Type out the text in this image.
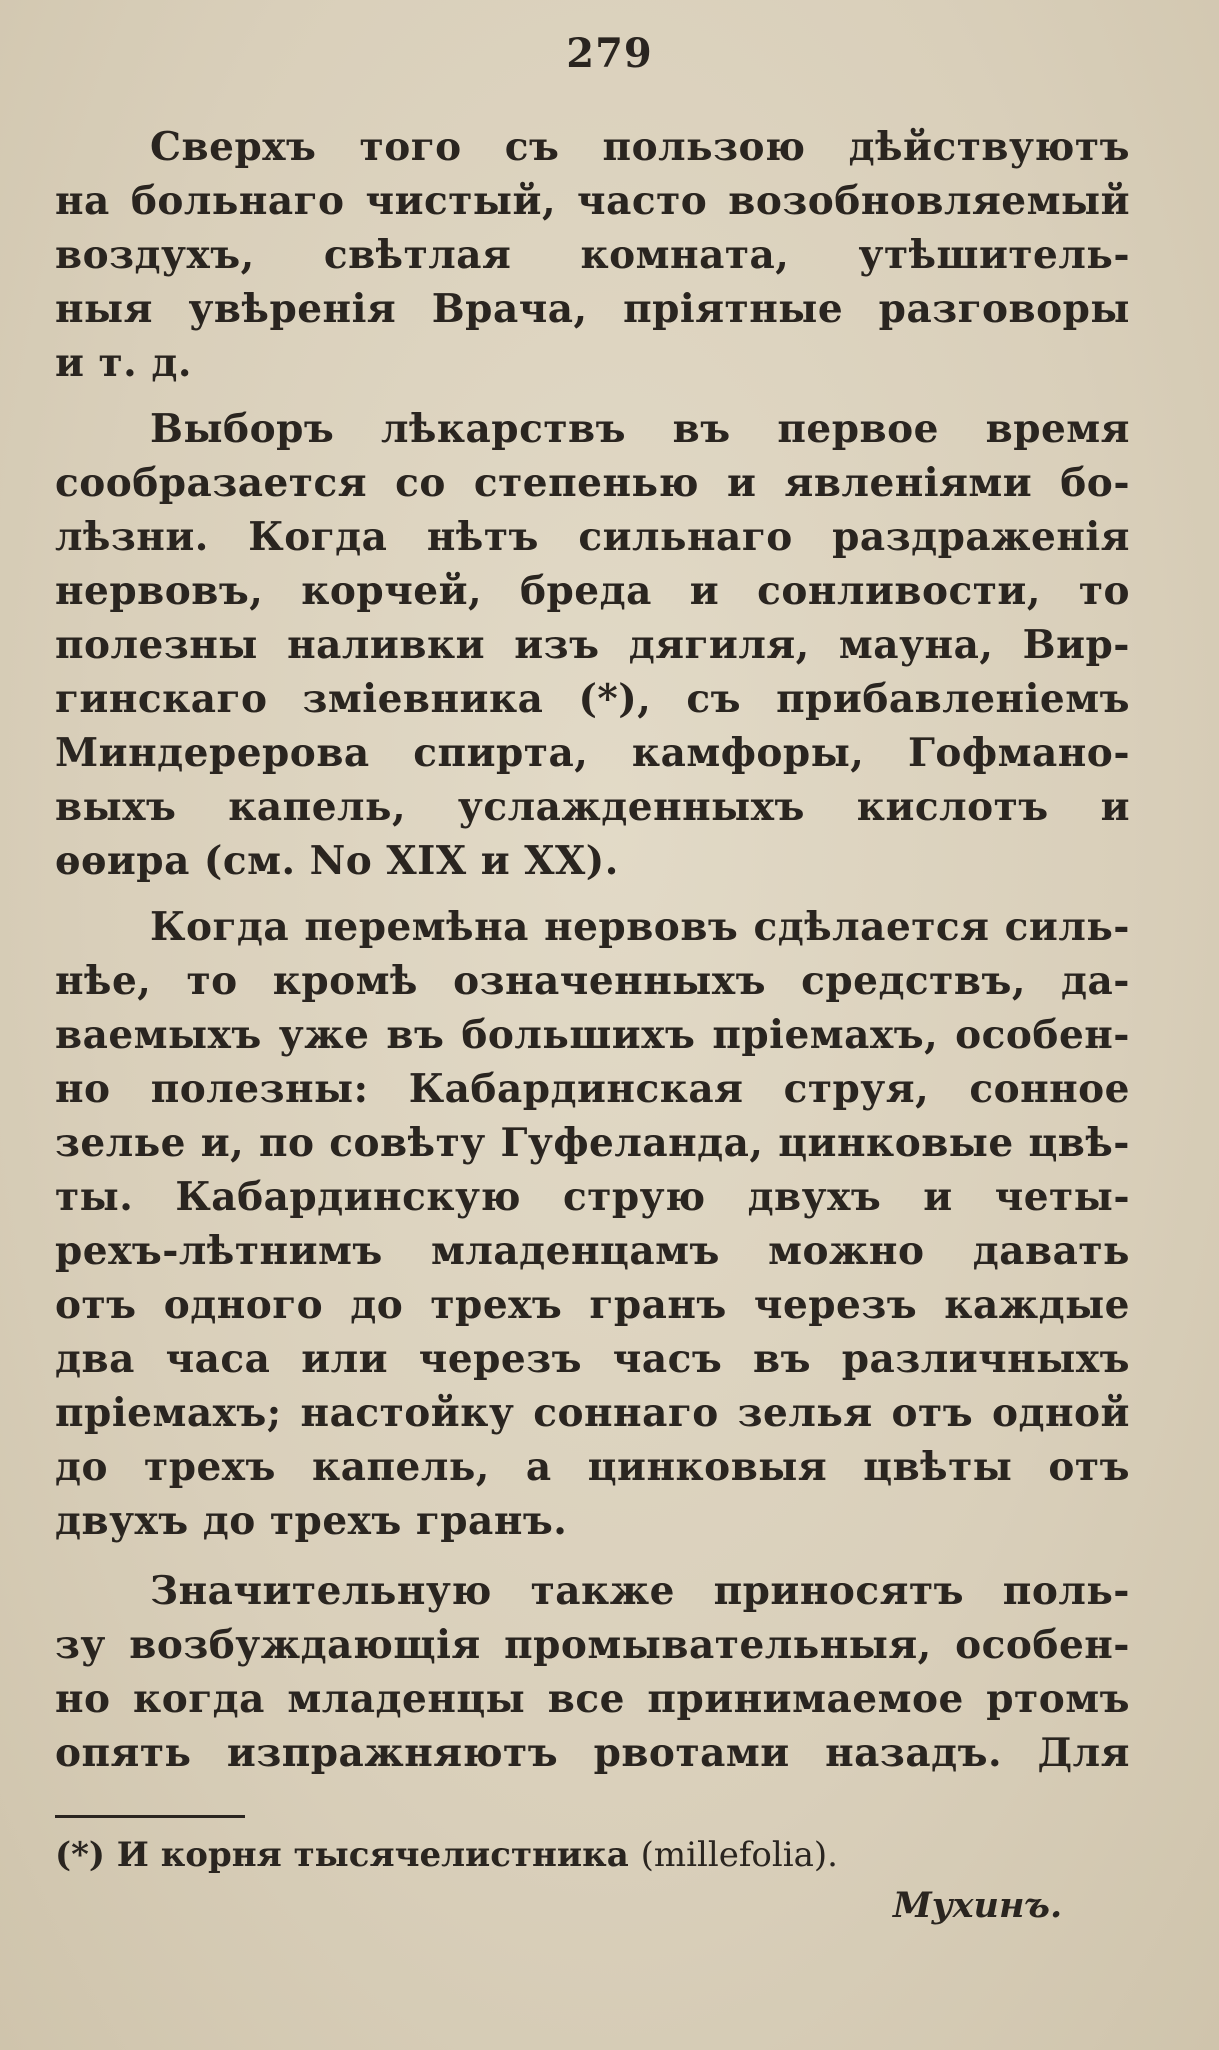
279
Сверхъ того съ пользою дѣйствуютъ
на больнаго чистый, часто возобновляемый
воздухъ, свѣтлая комната, утѣшитель-
ныя увѣренія Врача, пріятные разговоры
и т. д.
Выборъ лѣкарствъ въ первое время
сообразается со степенью и явленіями бо-
лѣзни. Когда нѣтъ сильнаго раздраженія
нервовъ, корчей, бреда и сонливости, то
полезны наливки изъ дягиля, мауна, Вир-
гинскаго зміевника (*), съ прибавленіемъ
Миндерерова спирта, камфоры, Гофмано-
выхъ капель, услажденныхъ кислотъ и
ѳѳира (см. No XIX и XX).
Когда перемѣна нервовъ сдѣлается силь-
нѣе, то кромѣ означенныхъ средствъ, да-
ваемыхъ уже въ большихъ пріемахъ, особен-
но полезны: Кабардинская струя, сонное
зелье и, по совѣту Гуфеланда, цинковые цвѣ-
ты. Кабардинскую струю двухъ и четы-
рехъ-лѣтнимъ младенцамъ можно давать
отъ одного до трехъ гранъ черезъ каждые
два часа или черезъ часъ въ различныхъ
пріемахъ; настойку соннаго зелья отъ одной
до трехъ капель, а цинковыя цвѣты отъ
двухъ до трехъ гранъ.
Значительную также приносятъ поль-
зу возбуждающія промывательныя, особен-
но когда младенцы все принимаемое ртомъ
опять изпражняютъ рвотами назадъ. Для
(*) И корня тысячелистника (millefolia).
Мухинъ.
